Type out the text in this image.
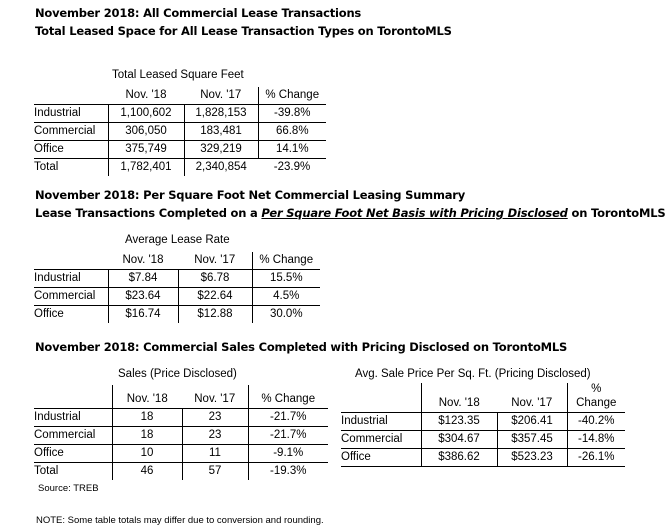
November 2018: All Commercial Lease Transactions
Total Leased Space for All Lease Transaction Types on TorontoMLS
Total Leased Square Feet
	Nov. '18	Nov. '17	% Change
Industrial	1,100,602	1,828,153	-39.8%
Commercial	306,050	183,481	66.8%
Office	375,749	329,219	14.1%
Total	1,782,401	2,340,854	-23.9%
November 2018: Per Square Foot Net Commercial Leasing Summary
Lease Transactions Completed on a Per Square Foot Net Basis with Pricing Disclosed on TorontoMLS
Average Lease Rate
	Nov. '18	Nov. '17	% Change
Industrial	$7.84	$6.78	15.5%
Commercial	$23.64	$22.64	4.5%
Office	$16.74	$12.88	30.0%
November 2018: Commercial Sales Completed with Pricing Disclosed on TorontoMLS
Sales (Price Disclosed)

	Nov. '18	Nov. '17	% Change
Industrial	18	23	-21.7%
Commercial	18	23	-21.7%
Office	10	11	-9.1%
Total	46	57	-19.3%
Avg. Sale Price Per Sq. Ft. (Pricing Disclosed)
			%
	Nov. '18	Nov. '17	Change
Industrial	$123.35	$206.41	-40.2%
Commercial	$304.67	$357.45	-14.8%
Office	$386.62	$523.23	-26.1%
Source: TREB
NOTE: Some table totals may differ due to conversion and rounding.
